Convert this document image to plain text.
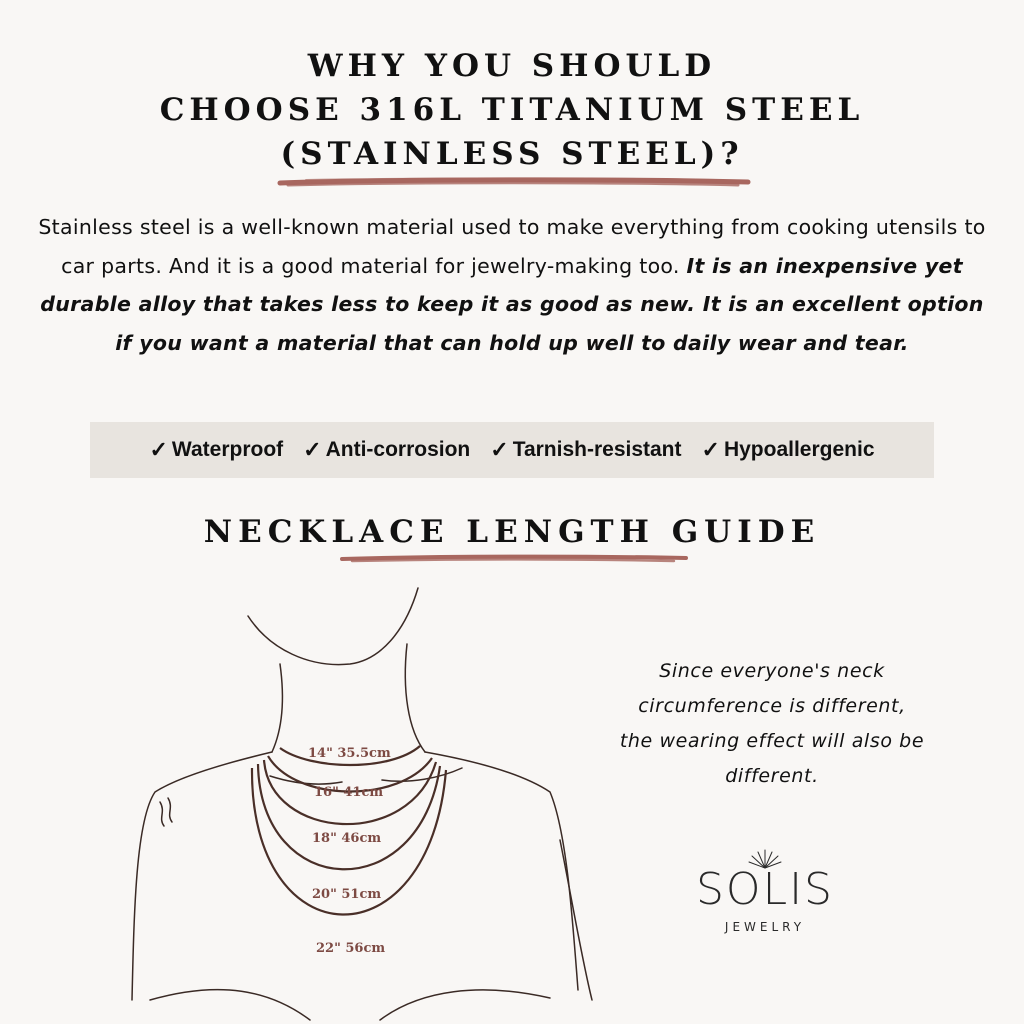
WHY YOU SHOULD
CHOOSE 316L TITANIUM STEEL
(STAINLESS STEEL)?
Stainless steel is a well-known material used to make everything from cooking utensils to car parts. And it is a good material for jewelry-making too. It is an inexpensive yet durable alloy that takes less to keep it as good as new. It is an excellent option if you want a material that can hold up well to daily wear and tear.
✓ Waterproof ✓ Anti-corrosion ✓ Tarnish-resistant ✓ Hypoallergenic
NECKLACE LENGTH GUIDE
14" 35.5cm
16" 41cm
18" 46cm
20" 51cm
22" 56cm
Since everyone's neck
circumference is different,
the wearing effect will also be
different.
SOLIS
JEWELRY
